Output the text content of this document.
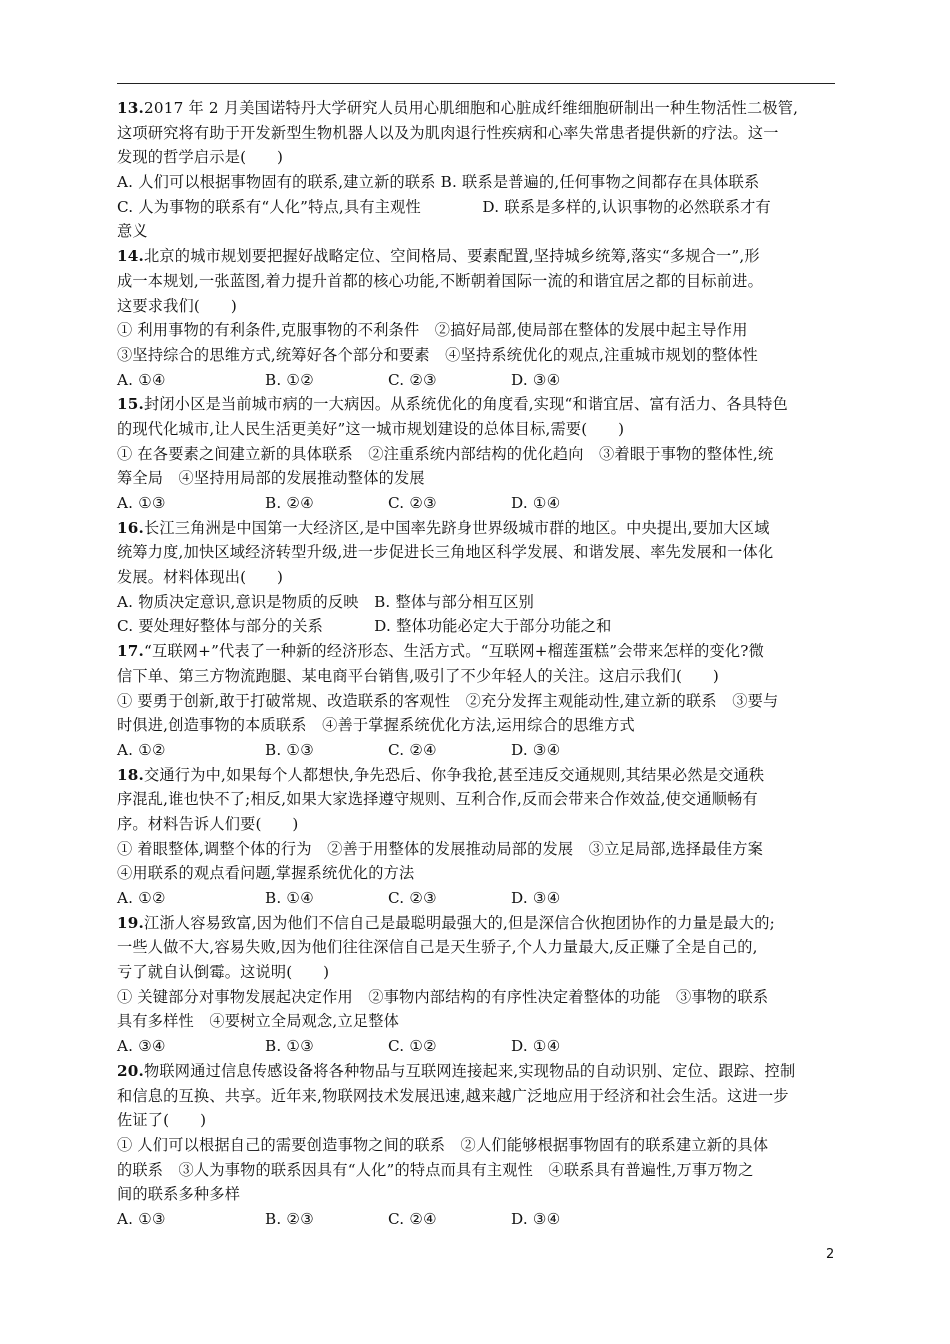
13.2017 年 2 月美国诺特丹大学研究人员用心肌细胞和心脏成纤维细胞研制出一种生物活性二极管,
这项研究将有助于开发新型生物机器人以及为肌肉退行性疾病和心率失常患者提供新的疗法。这一
发现的哲学启示是(　　)
A. 人们可以根据事物固有的联系,建立新的联系 B. 联系是普遍的,任何事物之间都存在具体联系
C. 人为事物的联系有“人化”特点,具有主观性　　　　D. 联系是多样的,认识事物的必然联系才有
意义
14.北京的城市规划要把握好战略定位、空间格局、要素配置,坚持城乡统筹,落实“多规合一”,形
成一本规划,一张蓝图,着力提升首都的核心功能,不断朝着国际一流的和谐宜居之都的目标前进。
这要求我们(　　)
① 利用事物的有利条件,克服事物的不利条件　②搞好局部,使局部在整体的发展中起主导作用
③坚持综合的思维方式,统筹好各个部分和要素　④坚持系统优化的观点,注重城市规划的整体性
A. ①④	B. ①②	C. ②③	D. ③④
15.封闭小区是当前城市病的一大病因。从系统优化的角度看,实现“和谐宜居、富有活力、各具特色
的现代化城市,让人民生活更美好”这一城市规划建设的总体目标,需要(　　)
① 在各要素之间建立新的具体联系　②注重系统内部结构的优化趋向　③着眼于事物的整体性,统
筹全局　④坚持用局部的发展推动整体的发展
A. ①③	B. ②④	C. ②③	D. ①④
16.长江三角洲是中国第一大经济区,是中国率先跻身世界级城市群的地区。中央提出,要加大区域
统筹力度,加快区域经济转型升级,进一步促进长三角地区科学发展、和谐发展、率先发展和一体化
发展。材料体现出(　　)
A. 物质决定意识,意识是物质的反映　B. 整体与部分相互区别
C. 要处理好整体与部分的关系　　　 D. 整体功能必定大于部分功能之和
17.“互联网+”代表了一种新的经济形态、生活方式。“互联网+榴莲蛋糕”会带来怎样的变化?微
信下单、第三方物流跑腿、某电商平台销售,吸引了不少年轻人的关注。这启示我们(　　)
① 要勇于创新,敢于打破常规、改造联系的客观性　②充分发挥主观能动性,建立新的联系　③要与
时俱进,创造事物的本质联系　④善于掌握系统优化方法,运用综合的思维方式
A. ①②	B. ①③	C. ②④	D. ③④
18.交通行为中,如果每个人都想快,争先恐后、你争我抢,甚至违反交通规则,其结果必然是交通秩
序混乱,谁也快不了;相反,如果大家选择遵守规则、互利合作,反而会带来合作效益,使交通顺畅有
序。材料告诉人们要(　　)
① 着眼整体,调整个体的行为　②善于用整体的发展推动局部的发展　③立足局部,选择最佳方案
④用联系的观点看问题,掌握系统优化的方法
A. ①②	B. ①④	C. ②③	D. ③④
19.江浙人容易致富,因为他们不信自己是最聪明最强大的,但是深信合伙抱团协作的力量是最大的;
一些人做不大,容易失败,因为他们往往深信自己是天生骄子,个人力量最大,反正赚了全是自己的,
亏了就自认倒霉。这说明(　　)
① 关键部分对事物发展起决定作用　②事物内部结构的有序性决定着整体的功能　③事物的联系
具有多样性　④要树立全局观念,立足整体
A. ③④	B. ①③	C. ①②	D. ①④
20.物联网通过信息传感设备将各种物品与互联网连接起来,实现物品的自动识别、定位、跟踪、控制
和信息的互换、共享。近年来,物联网技术发展迅速,越来越广泛地应用于经济和社会生活。这进一步
佐证了(　　)
① 人们可以根据自己的需要创造事物之间的联系　②人们能够根据事物固有的联系建立新的具体
的联系　③人为事物的联系因具有“人化”的特点而具有主观性　④联系具有普遍性,万事万物之
间的联系多种多样
A. ①③	B. ②③	C. ②④	D. ③④
2
